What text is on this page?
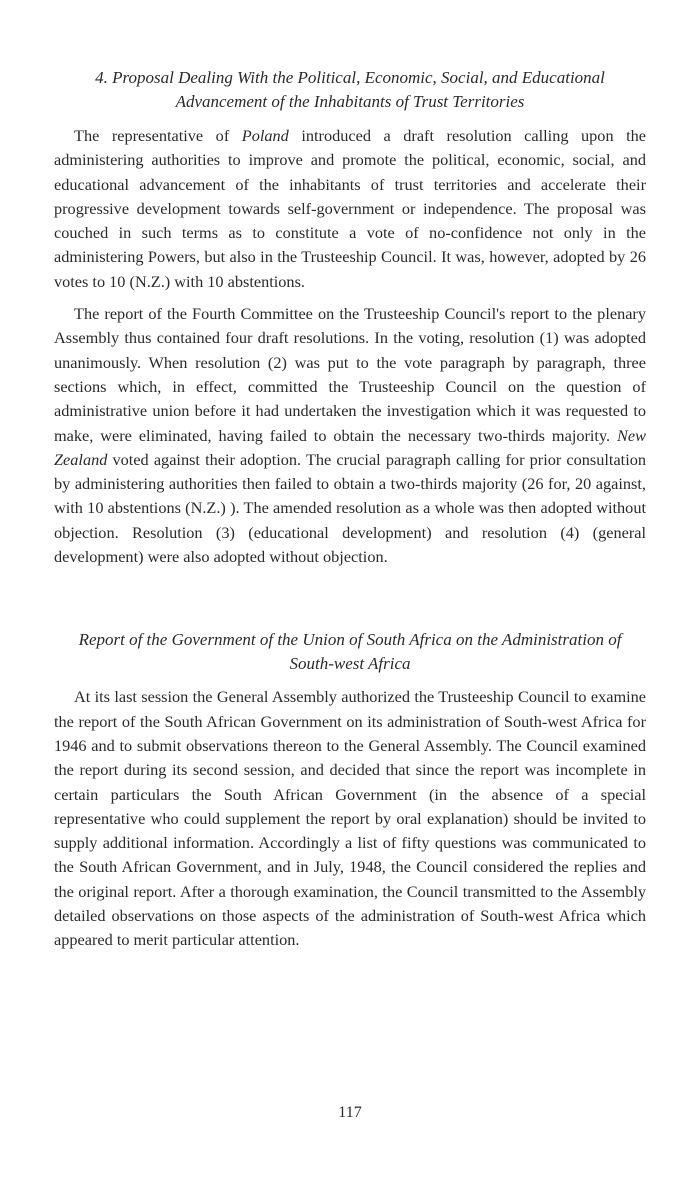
4. Proposal Dealing With the Political, Economic, Social, and Educational Advancement of the Inhabitants of Trust Territories

The representative of Poland introduced a draft resolution calling upon the administering authorities to improve and promote the political, economic, social, and educational advancement of the inhabitants of trust territories and accelerate their progressive development towards self-government or independence. The proposal was couched in such terms as to constitute a vote of no-confidence not only in the administering Powers, but also in the Trusteeship Council. It was, however, adopted by 26 votes to 10 (N.Z.) with 10 abstentions.

The report of the Fourth Committee on the Trusteeship Council's report to the plenary Assembly thus contained four draft resolutions. In the voting, resolution (1) was adopted unanimously. When resolution (2) was put to the vote paragraph by paragraph, three sections which, in effect, committed the Trusteeship Council on the question of administrative union before it had undertaken the investigation which it was requested to make, were eliminated, having failed to obtain the necessary two-thirds majority. New Zealand voted against their adoption. The crucial paragraph calling for prior consultation by administering authorities then failed to obtain a two-thirds majority (26 for, 20 against, with 10 abstentions (N.Z.) ). The amended resolution as a whole was then adopted without objection. Resolution (3) (educational development) and resolution (4) (general development) were also adopted without objection.

Report of the Government of the Union of South Africa on the Administration of South-west Africa

At its last session the General Assembly authorized the Trusteeship Council to examine the report of the South African Government on its administration of South-west Africa for 1946 and to submit observations thereon to the General Assembly. The Council examined the report during its second session, and decided that since the report was incomplete in certain particulars the South African Government (in the absence of a special representative who could supplement the report by oral explanation) should be invited to supply additional information. Accordingly a list of fifty questions was communicated to the South African Government, and in July, 1948, the Council considered the replies and the original report. After a thorough examination, the Council transmitted to the Assembly detailed observations on those aspects of the administration of South-west Africa which appeared to merit particular attention.

117
